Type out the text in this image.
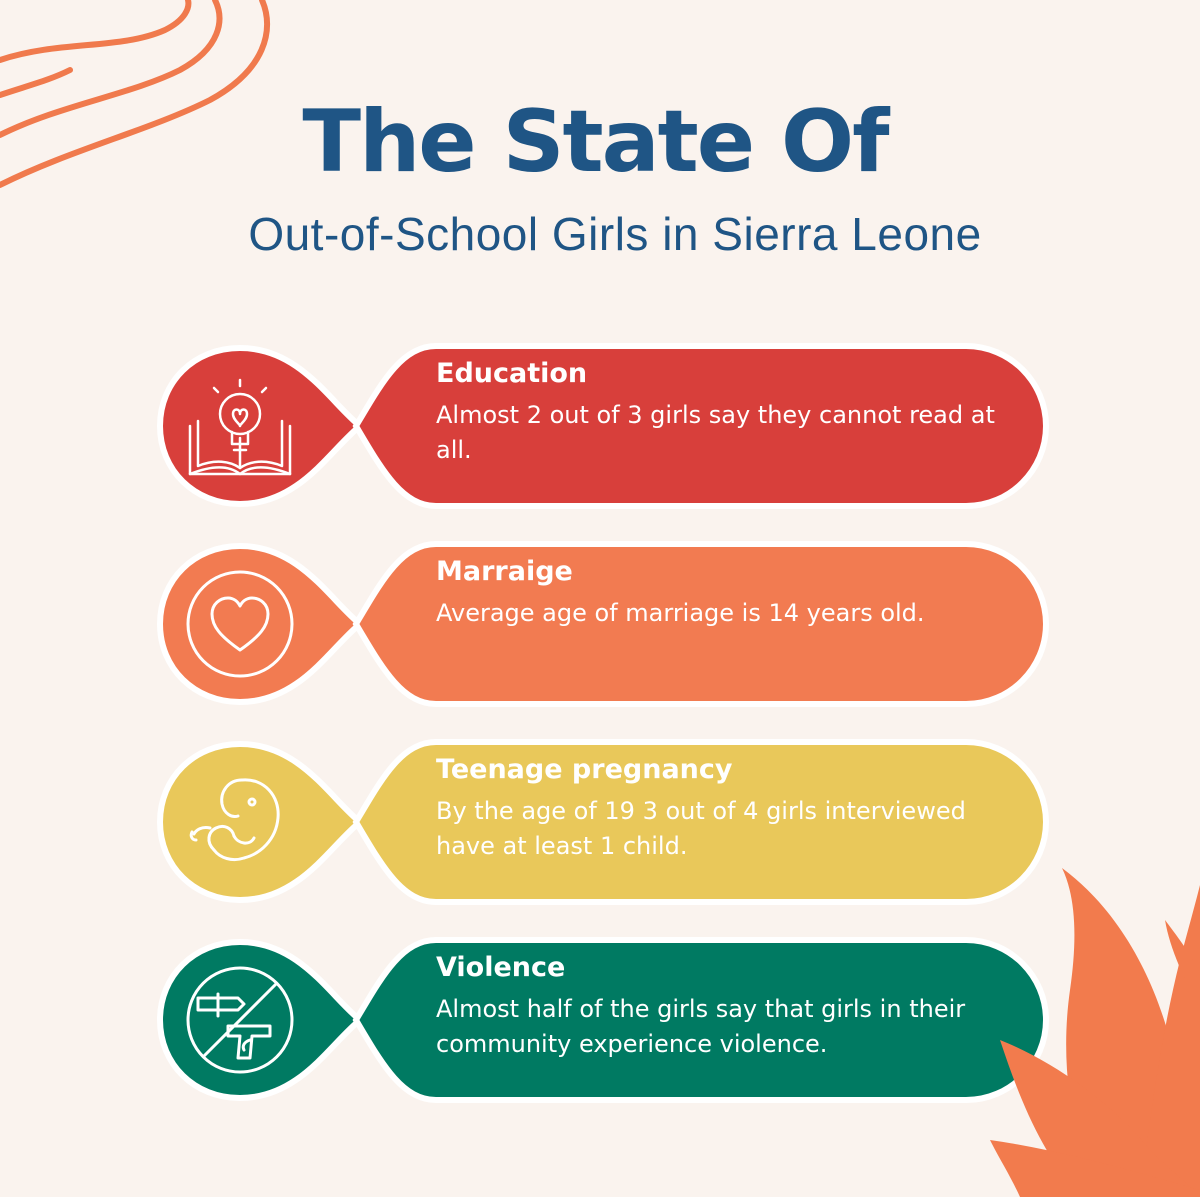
The State Of
Out-of-School Girls in Sierra Leone
Education
Almost 2 out of 3 girls say they cannot read at all.
Marraige
Average age of marriage is 14 years old.
Teenage pregnancy
By the age of 19 3 out of 4 girls interviewed have at least 1 child.
Violence
Almost half of the girls say that girls in their community experience violence.
